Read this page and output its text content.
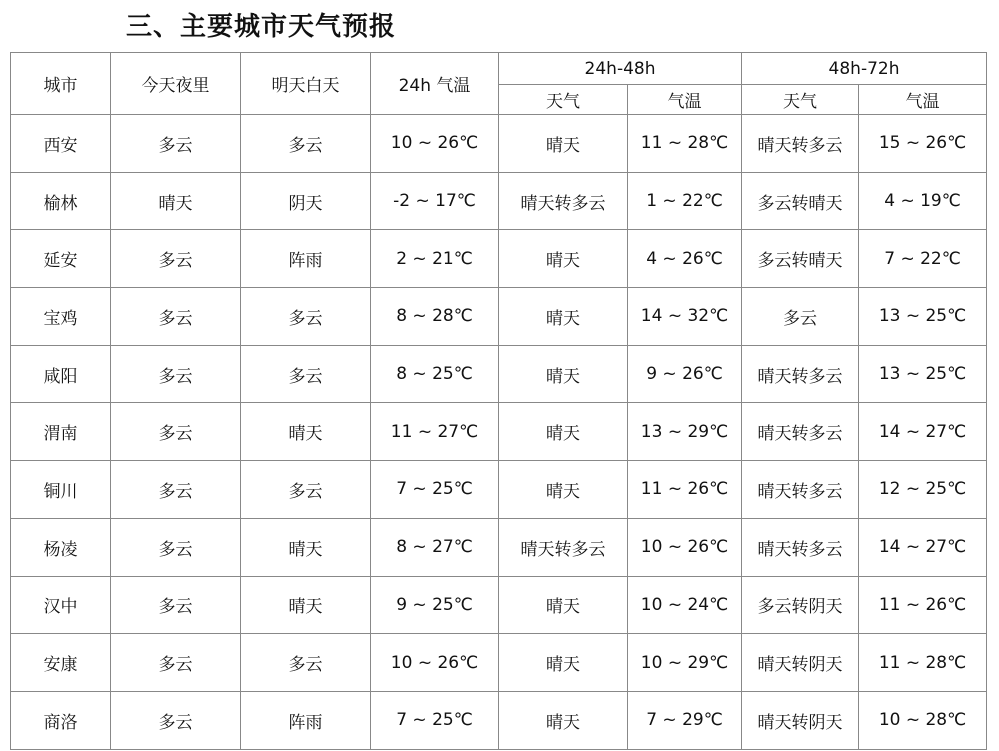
三、主要城市天气预报
城市	今天夜里	明天白天	24h 气温	24h-48h		48h-72h	
				天气	气温	天气	气温
西安	多云	多云	10 ~ 26℃	晴天	11 ~ 28℃	晴天转多云	15 ~ 26℃
榆林	晴天	阴天	-2 ~ 17℃	晴天转多云	1 ~ 22℃	多云转晴天	4 ~ 19℃
延安	多云	阵雨	2 ~ 21℃	晴天	4 ~ 26℃	多云转晴天	7 ~ 22℃
宝鸡	多云	多云	8 ~ 28℃	晴天	14 ~ 32℃	多云	13 ~ 25℃
咸阳	多云	多云	8 ~ 25℃	晴天	9 ~ 26℃	晴天转多云	13 ~ 25℃
渭南	多云	晴天	11 ~ 27℃	晴天	13 ~ 29℃	晴天转多云	14 ~ 27℃
铜川	多云	多云	7 ~ 25℃	晴天	11 ~ 26℃	晴天转多云	12 ~ 25℃
杨凌	多云	晴天	8 ~ 27℃	晴天转多云	10 ~ 26℃	晴天转多云	14 ~ 27℃
汉中	多云	晴天	9 ~ 25℃	晴天	10 ~ 24℃	多云转阴天	11 ~ 26℃
安康	多云	多云	10 ~ 26℃	晴天	10 ~ 29℃	晴天转阴天	11 ~ 28℃
商洛	多云	阵雨	7 ~ 25℃	晴天	7 ~ 29℃	晴天转阴天	10 ~ 28℃
